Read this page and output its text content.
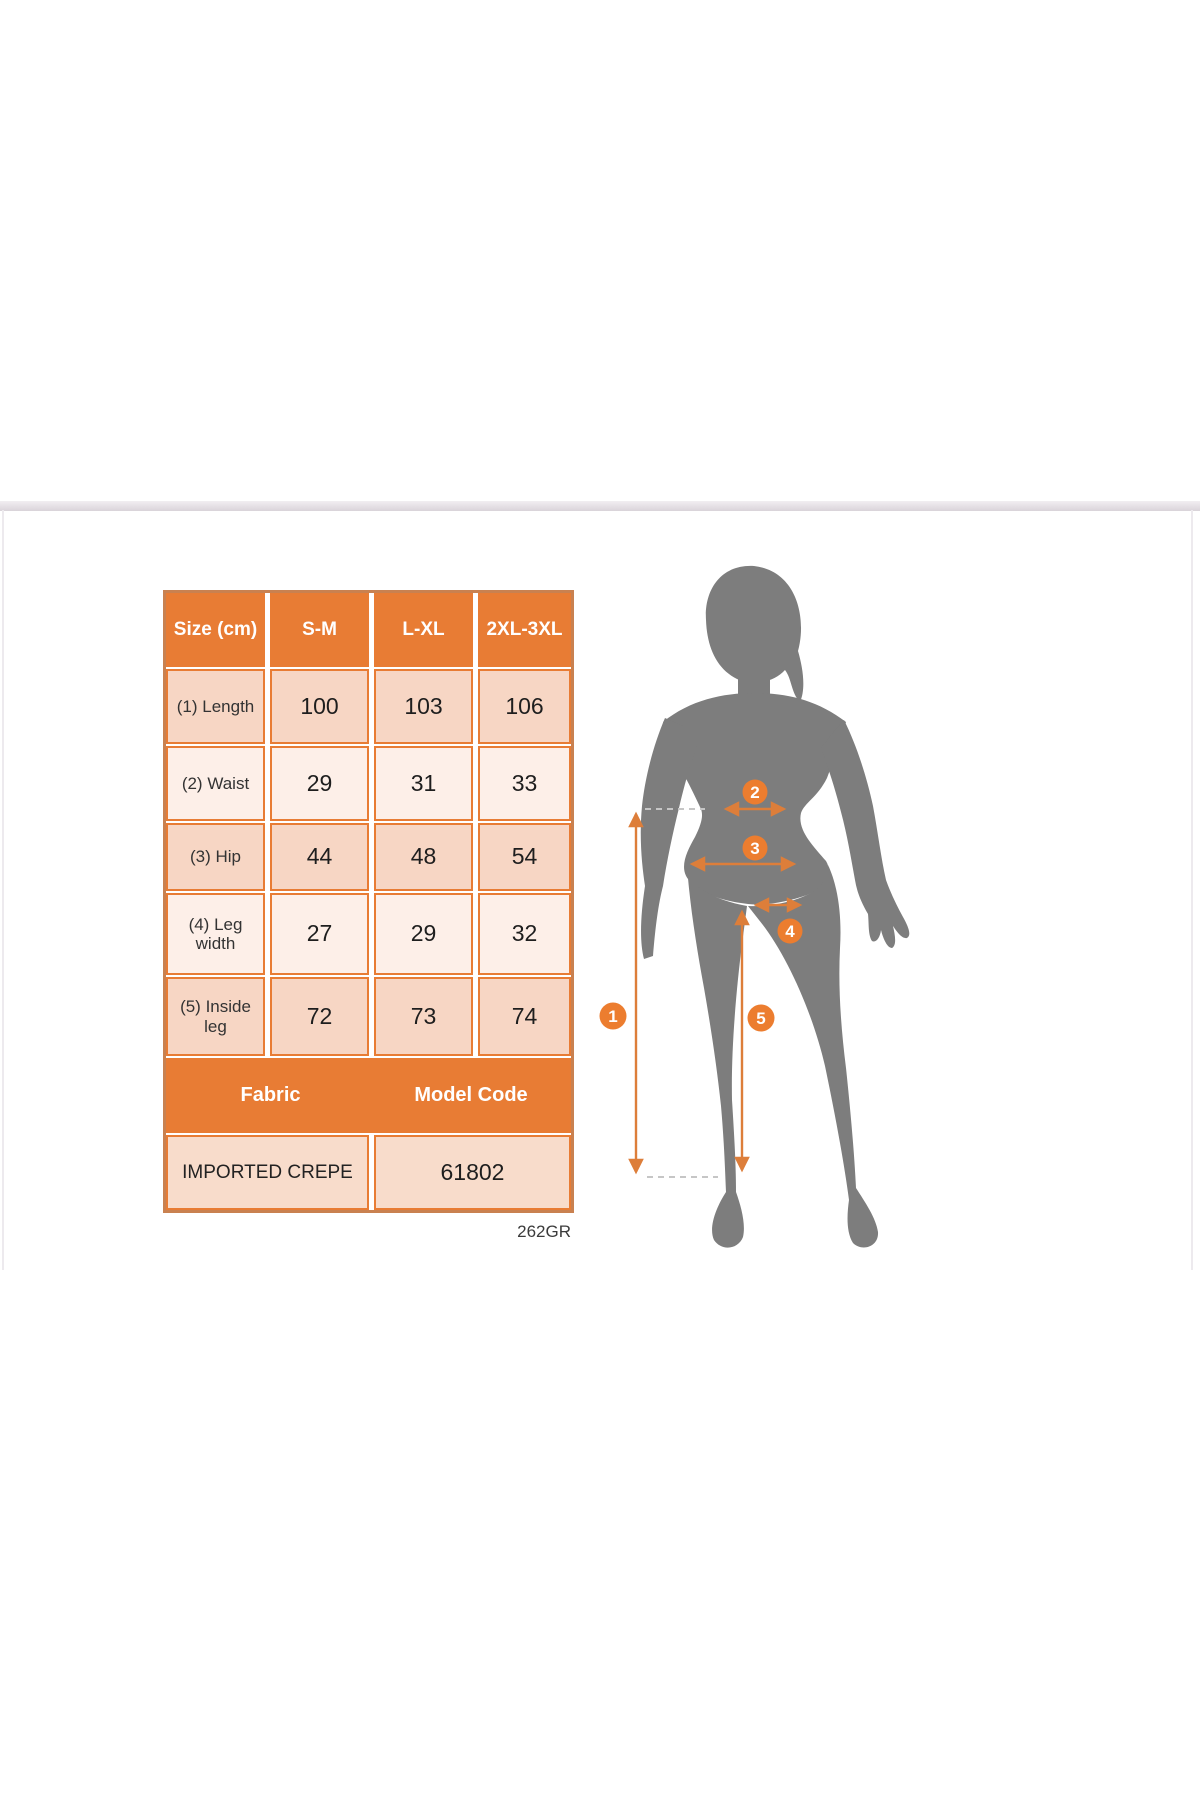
Size (cm)	S-M	L-XL	2XL-3XL
(1) Length	100	103	106
(2) Waist	29	31	33
(3) Hip	44	48	54
(4) Leg width	27	29	32
(5) Inside leg	72	73	74
Fabric	Model Code
IMPORTED CREPE	61802
262GR
1
2
3
4
5
